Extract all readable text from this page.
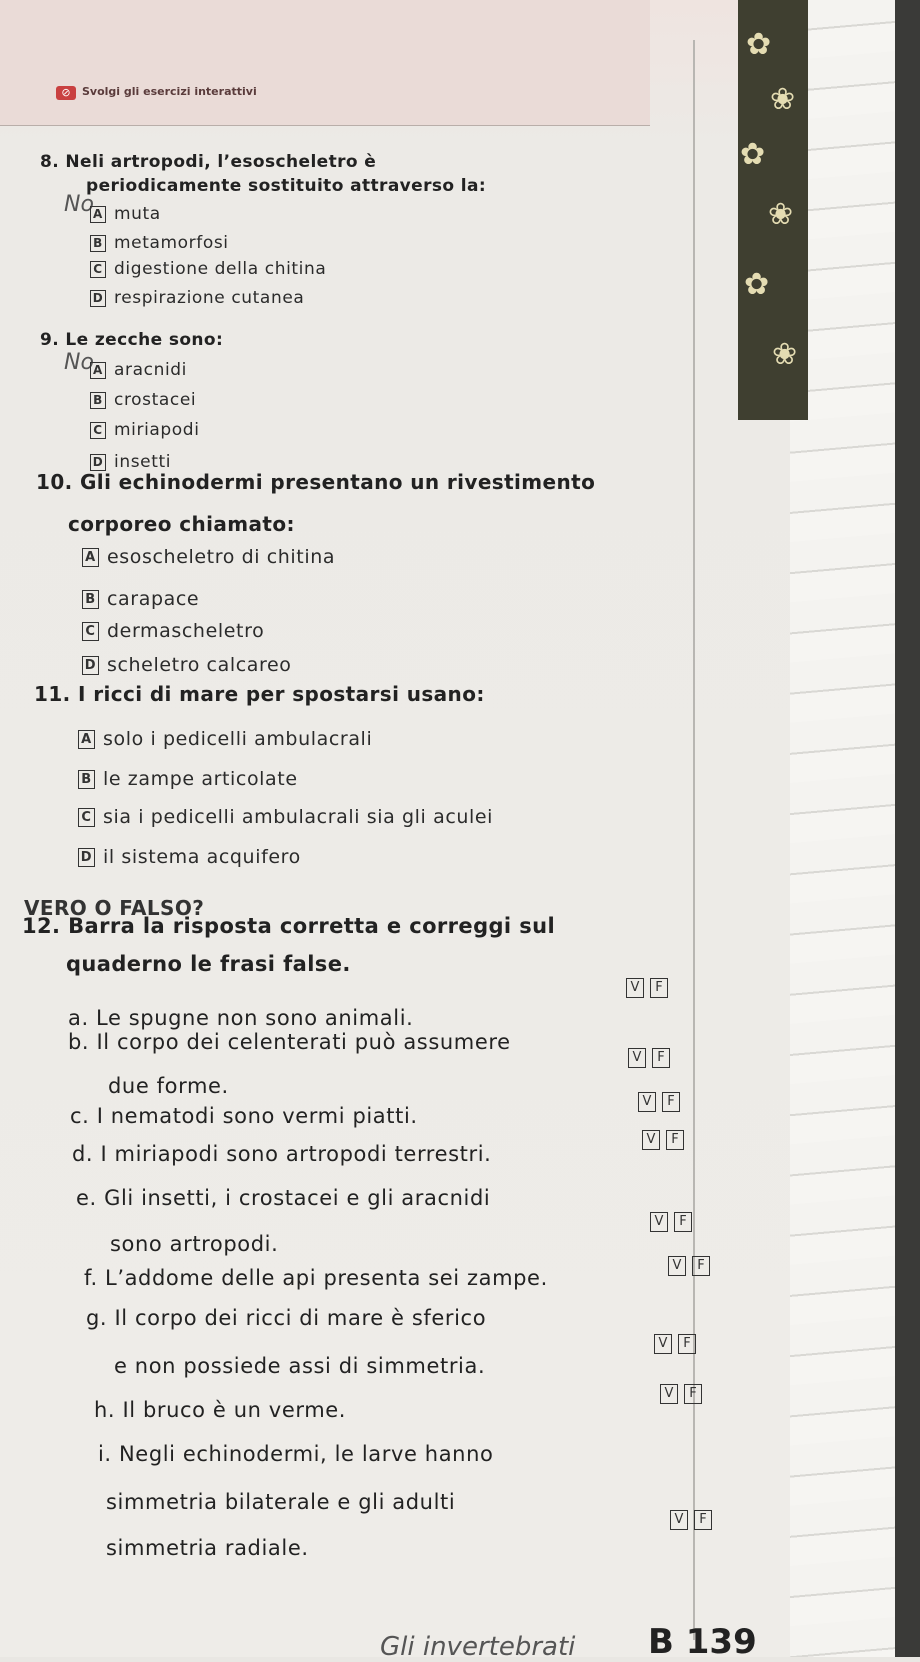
✿
❀
✿
❀
✿
❀
⊘	Svolgi gli esercizi interattivi
8. Neli artropodi, l’esoscheletro è
periodicamente sostituito attraverso la:
No A muta
B metamorfosi
C digestione della chitina
D respirazione cutanea
9. Le zecche sono:
No A aracnidi
B crostacei
C miriapodi
D insetti
10. Gli echinodermi presentano un rivestimento
corporeo chiamato:
A esoscheletro di chitina
B carapace
C dermascheletro
D scheletro calcareo
11. I ricci di mare per spostarsi usano:
A solo i pedicelli ambulacrali
B le zampe articolate
C sia i pedicelli ambulacrali sia gli aculei
D il sistema acquifero
VERO O FALSO?
12. Barra la risposta corretta e correggi sul
quaderno le frasi false.
a. Le spugne non sono animali.
V	F
b. Il corpo dei celenterati può assumere
due forme.
V	F
c. I nematodi sono vermi piatti.
V	F
d. I miriapodi sono artropodi terrestri.
V	F
e. Gli insetti, i crostacei e gli aracnidi
sono artropodi.
V	F
f. L’addome delle api presenta sei zampe.
V	F
g. Il corpo dei ricci di mare è sferico
e non possiede assi di simmetria.
V	F
h. Il bruco è un verme.
V	F
i. Negli echinodermi, le larve hanno
simmetria bilaterale e gli adulti
simmetria radiale.
V	F
Gli invertebrati B 139
